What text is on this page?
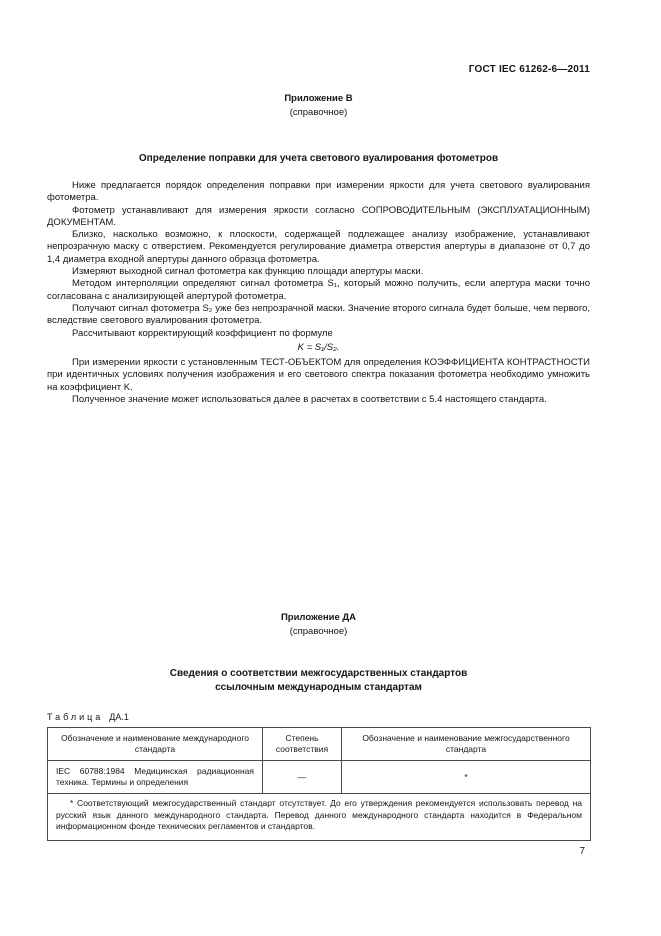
ГОСТ IEC 61262-6—2011
Приложение В
(справочное)
Определение поправки для учета светового вуалирования фотометров

Ниже предлагается порядок определения поправки при измерении яркости для учета светового вуалирования фотометра.

Фотометр устанавливают для измерения яркости согласно СОПРОВОДИТЕЛЬНЫМ (ЭКСПЛУАТАЦИОННЫМ) ДОКУМЕНТАМ.

Близко, насколько возможно, к плоскости, содержащей подлежащее анализу изображение, устанавливают непрозрачную маску с отверстием. Рекомендуется регулирование диаметра отверстия апертуры в диапазоне от 0,7 до 1,4 диаметра входной апертуры данного образца фотометра.

Измеряют выходной сигнал фотометра как функцию площади апертуры маски.

Методом интерполяции определяют сигнал фотометра S₁, который можно получить, если апертура маски точно согласована с анализирующей апертурой фотометра.

Получают сигнал фотометра S₂ уже без непрозрачной маски. Значение второго сигнала будет больше, чем первого, вследствие светового вуалирования фотометра.

Рассчитывают корректирующий коэффициент по формуле

K = S₁/S₂.

При измерении яркости с установленным ТЕСТ-ОБЪЕКТОМ для определения КОЭФФИЦИЕНТА КОНТРАСТНОСТИ при идентичных условиях получения изображения и его светового спектра показания фотометра необходимо умножить на коэффициент K.

Полученное значение может использоваться далее в расчетах в соответствии с 5.4 настоящего стандарта.

Приложение ДА
(справочное)
Сведения о соответствии межгосударственных стандартов
ссылочным международным стандартам
Таблица ДА.1
Обозначение и наименование международного стандарта	Степень соответствия	Обозначение и наименование межгосударственного стандарта
IEC 60788:1984 Медицинская радиационная техника. Термины и определения	—	*
* Соответствующий межгосударственный стандарт отсутствует. До его утверждения рекомендуется использовать перевод на русский язык данного международного стандарта. Перевод данного международного стандарта находится в Федеральном информационном фонде технических регламентов и стандартов.		
7
